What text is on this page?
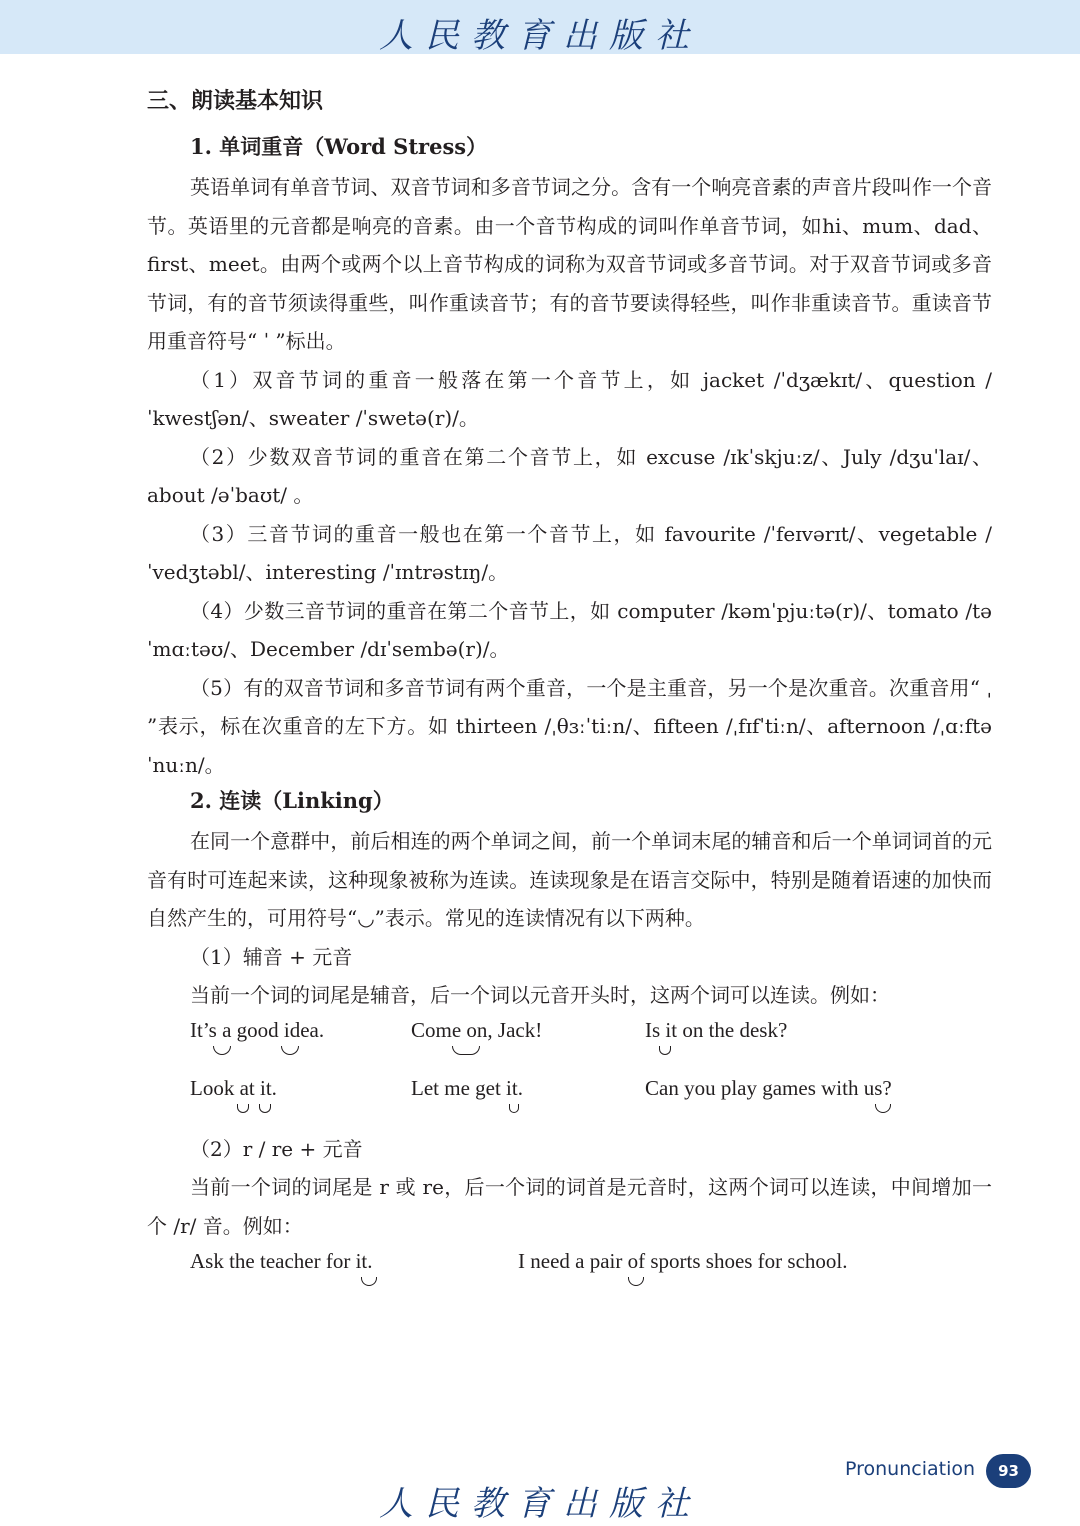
人民教育出版社
三、朗读基本知识
1. 单词重音（Word Stress）

英语单词有单音节词、双音节词和多音节词之分。含有一个响亮音素的声音片段叫作一个音节。英语里的元音都是响亮的音素。由一个音节构成的词叫作单音节词，如hi、mum、dad、first、meet。由两个或两个以上音节构成的词称为双音节词或多音节词。对于双音节词或多音节词，有的音节须读得重些，叫作重读音节；有的音节要读得轻些，叫作非重读音节。重读音节用重音符号“ ˈ ”标出。

（1）双音节词的重音一般落在第一个音节上，如 jacket /ˈdʒækɪt/、question /ˈkwestʃən/、sweater /ˈswetə(r)/。

（2）少数双音节词的重音在第二个音节上，如 excuse /ɪkˈskjuːz/、July /dʒuˈlaɪ/、about /əˈbaʊt/ 。

（3）三音节词的重音一般也在第一个音节上，如 favourite /ˈfeɪvərɪt/、vegetable /ˈvedʒtəbl/、interesting /ˈɪntrəstɪŋ/。

（4）少数三音节词的重音在第二个音节上，如 computer /kəmˈpjuːtə(r)/、tomato /təˈmɑːtəʊ/、December /dɪˈsembə(r)/。

（5）有的双音节词和多音节词有两个重音，一个是主重音，另一个是次重音。次重音用“ ˌ ”表示，标在次重音的左下方。如 thirteen /ˌθɜːˈtiːn/、fifteen /ˌfɪfˈtiːn/、afternoon /ˌɑːftəˈnuːn/。

2. 连读（Linking）

在同一个意群中，前后相连的两个单词之间，前一个单词末尾的辅音和后一个单词词首的元音有时可连起来读，这种现象被称为连读。连读现象是在语言交际中，特别是随着语速的加快而自然产生的，可用符号“◡”表示。常见的连读情况有以下两种。

（1）辅音 + 元音

当前一个词的词尾是辅音，后一个词以元音开头时，这两个词可以连读。例如：

It’s a good idea.	Come on, Jack!	Is it on the desk?
Look at it.	Let me get it.	Can you play games with us?
（2）r / re + 元音

当前一个词的词尾是 r 或 re，后一个词的词首是元音时，这两个词可以连读，中间增加一个 /r/ 音。例如：

Ask the teacher for it.	I need a pair of sports shoes for school.
人民教育出版社
Pronunciation	93
